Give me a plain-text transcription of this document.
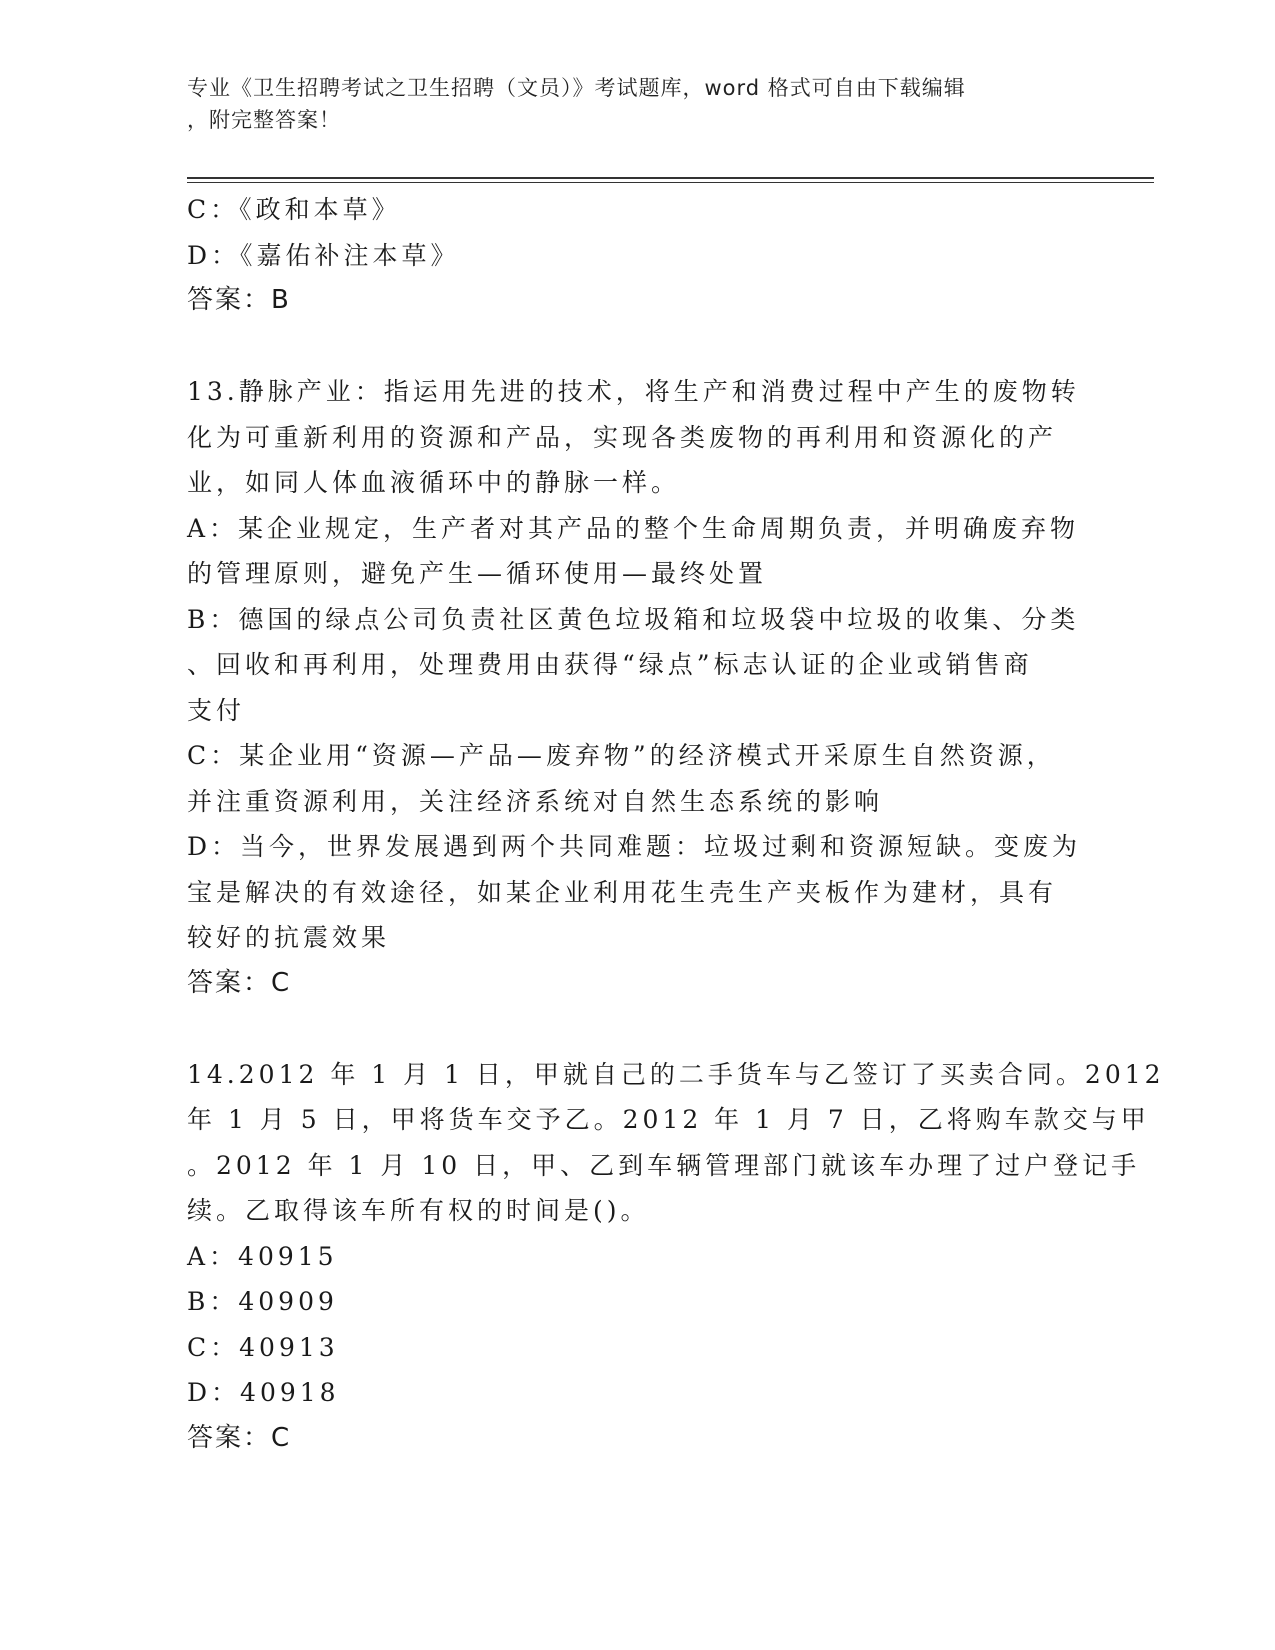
专业《卫生招聘考试之卫生招聘（文员）》考试题库，word 格式可自由下载编辑
，附完整答案！
C：《政和本草》
D：《嘉佑补注本草》
答案：B
13.静脉产业：指运用先进的技术，将生产和消费过程中产生的废物转
化为可重新利用的资源和产品，实现各类废物的再利用和资源化的产
业，如同人体血液循环中的静脉一样。
A：某企业规定，生产者对其产品的整个生命周期负责，并明确废弃物
的管理原则，避免产生—循环使用—最终处置
B：德国的绿点公司负责社区黄色垃圾箱和垃圾袋中垃圾的收集、分类
、回收和再利用，处理费用由获得“绿点”标志认证的企业或销售商
支付
C：某企业用“资源—产品—废弃物”的经济模式开采原生自然资源，
并注重资源利用，关注经济系统对自然生态系统的影响
D：当今，世界发展遇到两个共同难题：垃圾过剩和资源短缺。变废为
宝是解决的有效途径，如某企业利用花生壳生产夹板作为建材，具有
较好的抗震效果
答案：C
14.2012 年 1 月 1 日，甲就自己的二手货车与乙签订了买卖合同。2012
年 1 月 5 日，甲将货车交予乙。2012 年 1 月 7 日，乙将购车款交与甲
。2012 年 1 月 10 日，甲、乙到车辆管理部门就该车办理了过户登记手
续。乙取得该车所有权的时间是()。
A：40915
B：40909
C：40913
D：40918
答案：C
